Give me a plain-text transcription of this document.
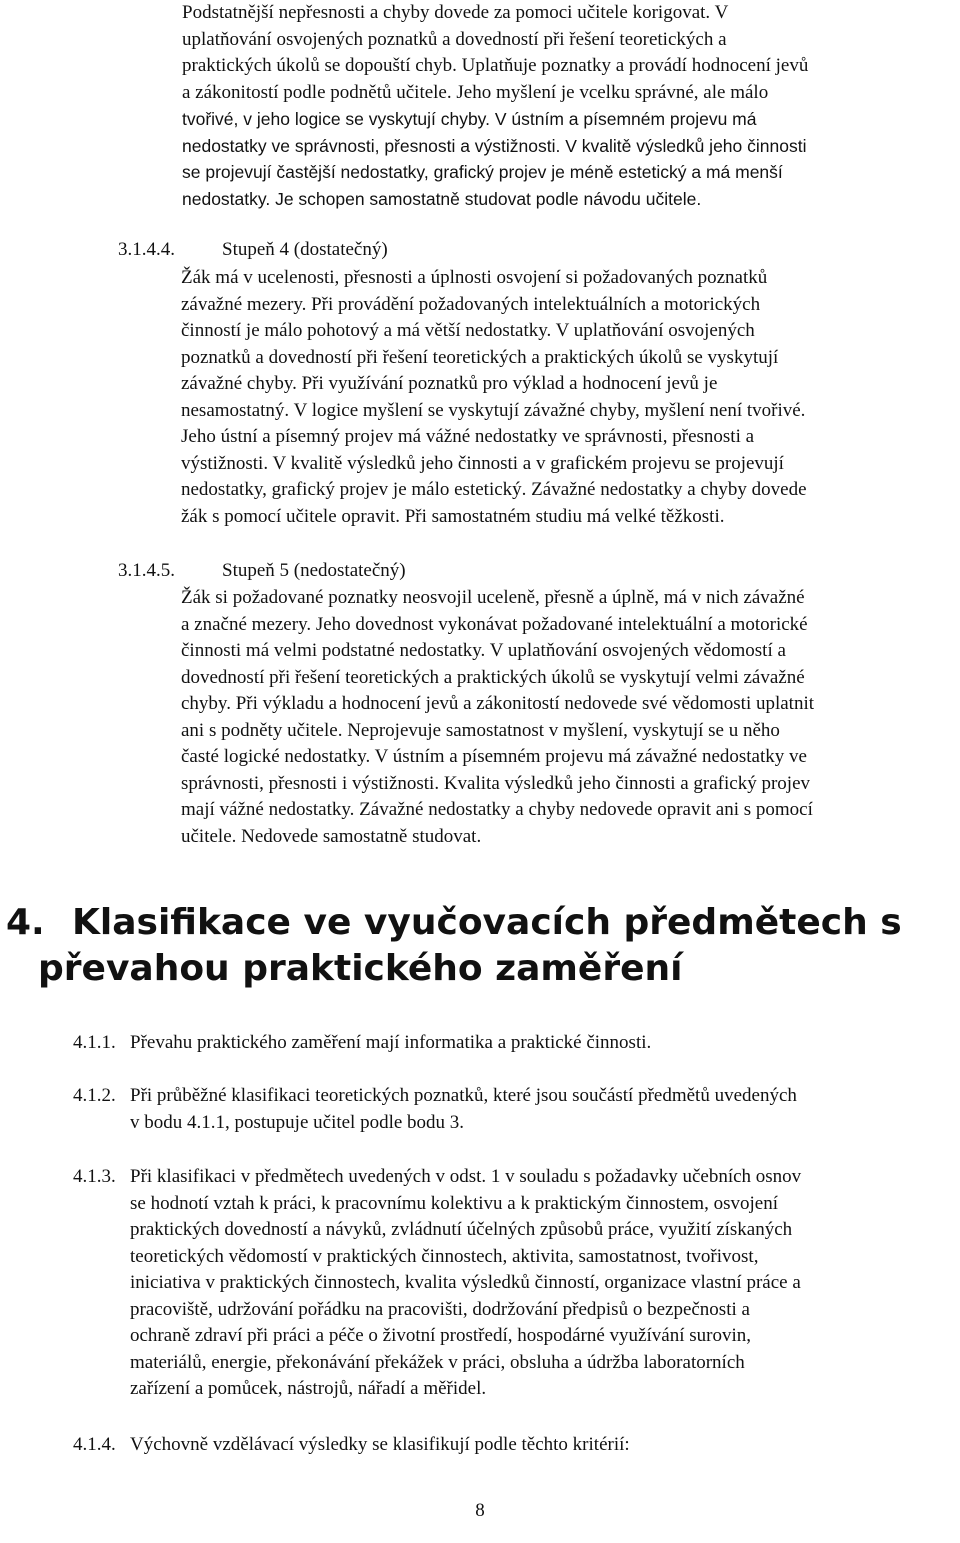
Podstatnější nepřesnosti a chyby dovede za pomoci učitele korigovat. V
uplatňování osvojených poznatků a dovedností při řešení teoretických a
praktických úkolů se dopouští chyb. Uplatňuje poznatky a provádí hodnocení jevů
a zákonitostí podle podnětů učitele. Jeho myšlení je vcelku správné, ale málo
tvořivé, v jeho logice se vyskytují chyby. V ústním a písemném projevu má
nedostatky ve správnosti, přesnosti a výstižnosti. V kvalitě výsledků jeho činnosti
se projevují častější nedostatky, grafický projev je méně estetický a má menší
nedostatky. Je schopen samostatně studovat podle návodu učitele.
3.1.4.4. Stupeň 4 (dostatečný)
Žák má v ucelenosti, přesnosti a úplnosti osvojení si požadovaných poznatků
závažné mezery. Při provádění požadovaných intelektuálních a motorických
činností je málo pohotový a má větší nedostatky. V uplatňování osvojených
poznatků a dovedností při řešení teoretických a praktických úkolů se vyskytují
závažné chyby. Při využívání poznatků pro výklad a hodnocení jevů je
nesamostatný. V logice myšlení se vyskytují závažné chyby, myšlení není tvořivé.
Jeho ústní a písemný projev má vážné nedostatky ve správnosti, přesnosti a
výstižnosti. V kvalitě výsledků jeho činnosti a v grafickém projevu se projevují
nedostatky, grafický projev je málo estetický. Závažné nedostatky a chyby dovede
žák s pomocí učitele opravit. Při samostatném studiu má velké těžkosti.
3.1.4.5. Stupeň 5 (nedostatečný)
Žák si požadované poznatky neosvojil uceleně, přesně a úplně, má v nich závažné
a značné mezery. Jeho dovednost vykonávat požadované intelektuální a motorické
činnosti má velmi podstatné nedostatky. V uplatňování osvojených vědomostí a
dovedností při řešení teoretických a praktických úkolů se vyskytují velmi závažné
chyby. Při výkladu a hodnocení jevů a zákonitostí nedovede své vědomosti uplatnit
ani s podněty učitele. Neprojevuje samostatnost v myšlení, vyskytují se u něho
časté logické nedostatky. V ústním a písemném projevu má závažné nedostatky ve
správnosti, přesnosti i výstižnosti. Kvalita výsledků jeho činnosti a grafický projev
mají vážné nedostatky. Závažné nedostatky a chyby nedovede opravit ani s pomocí
učitele. Nedovede samostatně studovat.
4. Klasifikace ve vyučovacích předmětech s
převahou praktického zaměření
4.1.1. Převahu praktického zaměření mají informatika a praktické činnosti.
4.1.2. Při průběžné klasifikaci teoretických poznatků, které jsou součástí předmětů uvedených
v bodu 4.1.1, postupuje učitel podle bodu 3.
4.1.3. Při klasifikaci v předmětech uvedených v odst. 1 v souladu s požadavky učebních osnov
se hodnotí vztah k práci, k pracovnímu kolektivu a k praktickým činnostem, osvojení
praktických dovedností a návyků, zvládnutí účelných způsobů práce, využití získaných
teoretických vědomostí v praktických činnostech, aktivita, samostatnost, tvořivost,
iniciativa v praktických činnostech, kvalita výsledků činností, organizace vlastní práce a
pracoviště, udržování pořádku na pracovišti, dodržování předpisů o bezpečnosti a
ochraně zdraví při práci a péče o životní prostředí, hospodárné využívání surovin,
materiálů, energie, překonávání překážek v práci, obsluha a údržba laboratorních
zařízení a pomůcek, nástrojů, nářadí a měřidel.
4.1.4. Výchovně vzdělávací výsledky se klasifikují podle těchto kritérií:
8
